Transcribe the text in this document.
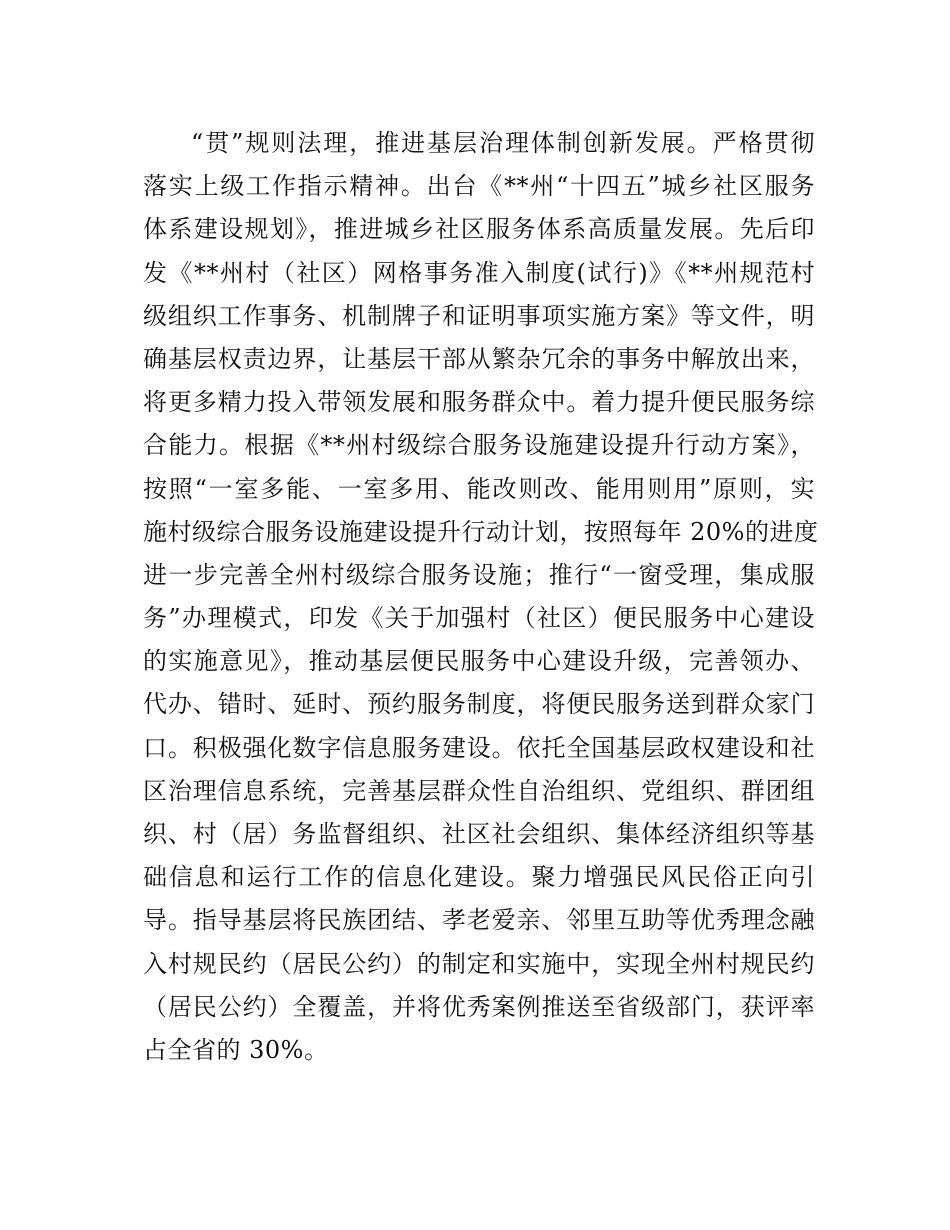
“贯”规则法理，推进基层治理体制创新发展。严格贯彻
落实上级工作指示精神。出台《**州“十四五”城乡社区服务
体系建设规划》，推进城乡社区服务体系高质量发展。先后印
发《**州村（社区）网格事务准入制度(试行)》《**州规范村
级组织工作事务、机制牌子和证明事项实施方案》等文件，明
确基层权责边界，让基层干部从繁杂冗余的事务中解放出来，
将更多精力投入带领发展和服务群众中。着力提升便民服务综
合能力。根据《**州村级综合服务设施建设提升行动方案》，
按照“一室多能、一室多用、能改则改、能用则用”原则，实
施村级综合服务设施建设提升行动计划，按照每年 20%的进度
进一步完善全州村级综合服务设施；推行“一窗受理，集成服
务”办理模式，印发《关于加强村（社区）便民服务中心建设
的实施意见》，推动基层便民服务中心建设升级，完善领办、
代办、错时、延时、预约服务制度，将便民服务送到群众家门
口。积极强化数字信息服务建设。依托全国基层政权建设和社
区治理信息系统，完善基层群众性自治组织、党组织、群团组
织、村（居）务监督组织、社区社会组织、集体经济组织等基
础信息和运行工作的信息化建设。聚力增强民风民俗正向引
导。指导基层将民族团结、孝老爱亲、邻里互助等优秀理念融
入村规民约（居民公约）的制定和实施中，实现全州村规民约
（居民公约）全覆盖，并将优秀案例推送至省级部门，获评率
占全省的 30%。
